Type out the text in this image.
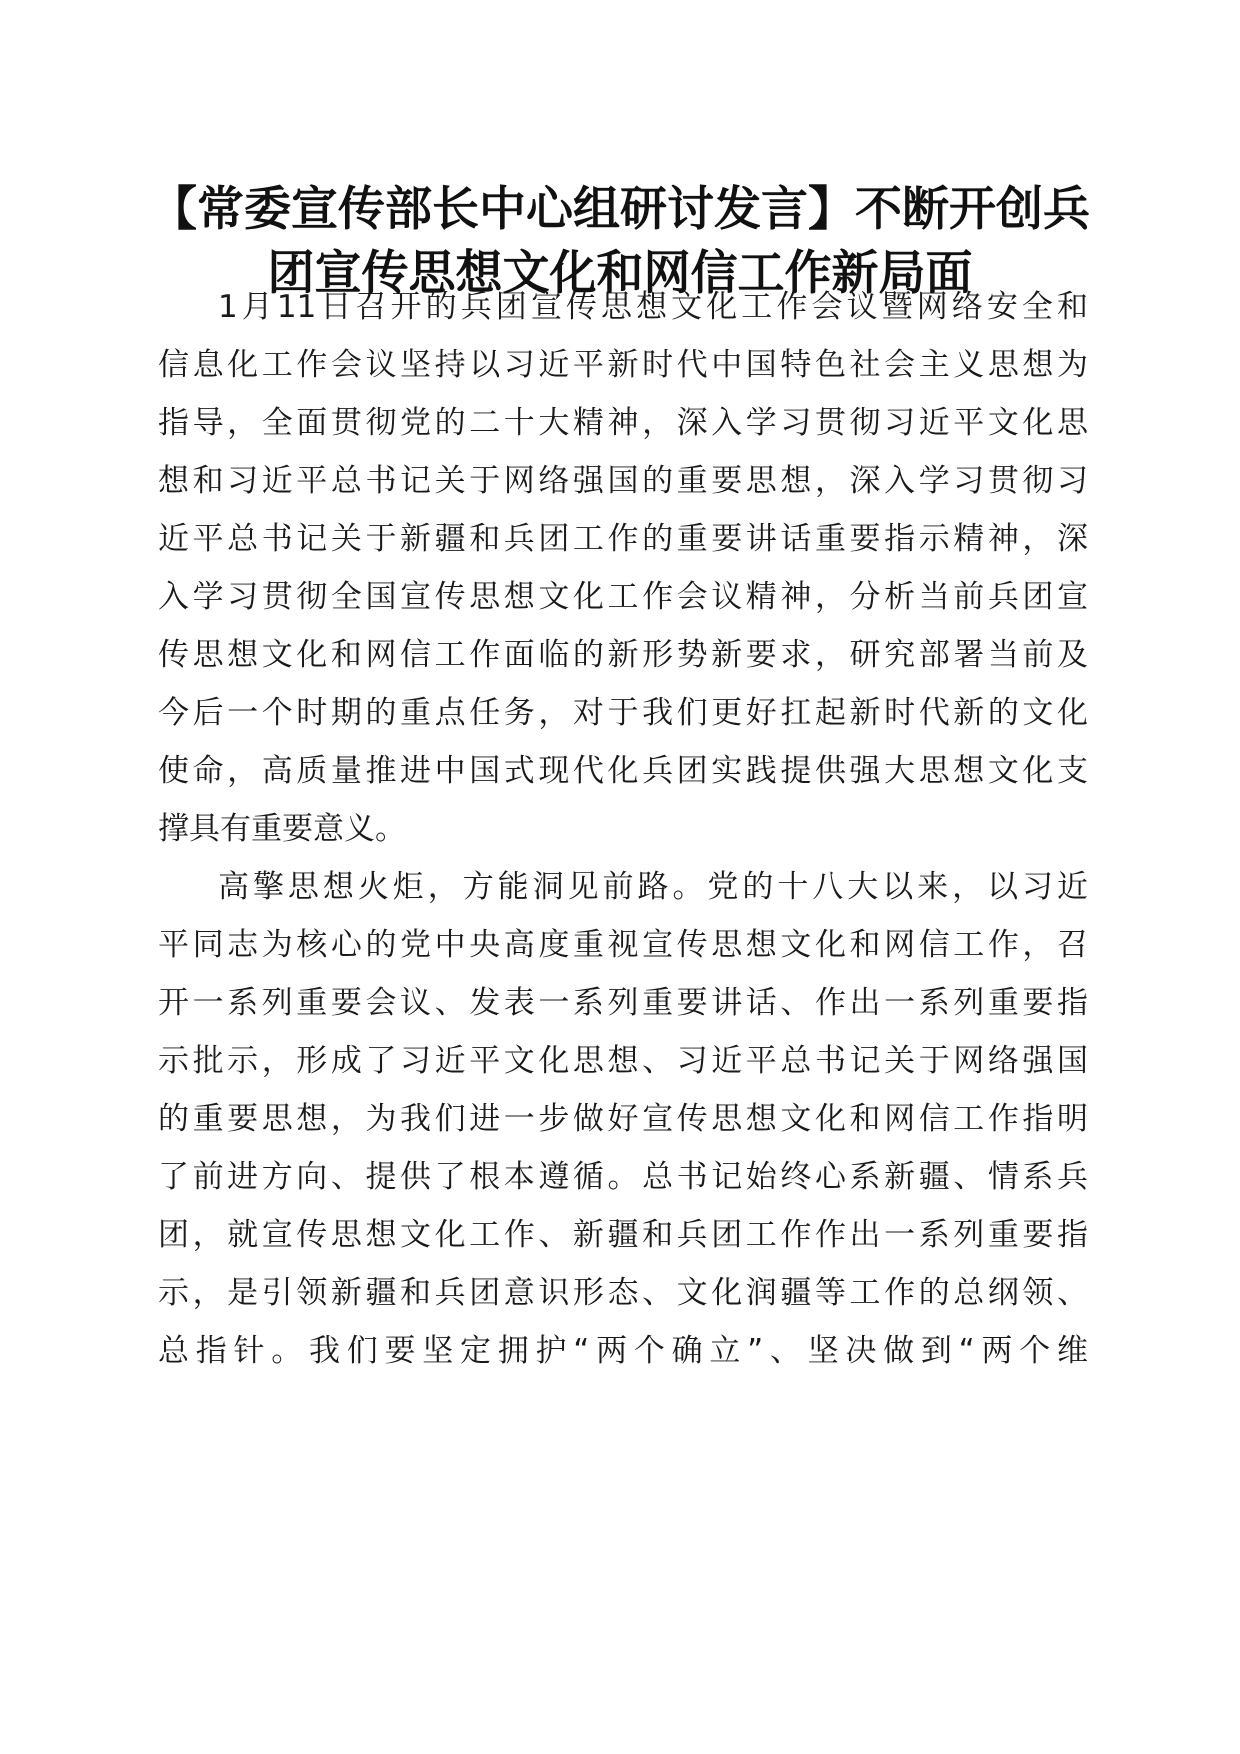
【常委宣传部长中心组研讨发言】不断开创兵
团宣传思想文化和网信工作新局面
1月11日召开的兵团宣传思想文化工作会议暨网络安全和
信息化工作会议坚持以习近平新时代中国特色社会主义思想为
指导，全面贯彻党的二十大精神，深入学习贯彻习近平文化思
想和习近平总书记关于网络强国的重要思想，深入学习贯彻习
近平总书记关于新疆和兵团工作的重要讲话重要指示精神，深
入学习贯彻全国宣传思想文化工作会议精神，分析当前兵团宣
传思想文化和网信工作面临的新形势新要求，研究部署当前及
今后一个时期的重点任务，对于我们更好扛起新时代新的文化
使命，高质量推进中国式现代化兵团实践提供强大思想文化支
撑具有重要意义。
高擎思想火炬，方能洞见前路。党的十八大以来，以习近
平同志为核心的党中央高度重视宣传思想文化和网信工作，召
开一系列重要会议、发表一系列重要讲话、作出一系列重要指
示批示，形成了习近平文化思想、习近平总书记关于网络强国
的重要思想，为我们进一步做好宣传思想文化和网信工作指明
了前进方向、提供了根本遵循。总书记始终心系新疆、情系兵
团，就宣传思想文化工作、新疆和兵团工作作出一系列重要指
示，是引领新疆和兵团意识形态、文化润疆等工作的总纲领、
总指针。我们要坚定拥护“两个确立”、坚决做到“两个维
